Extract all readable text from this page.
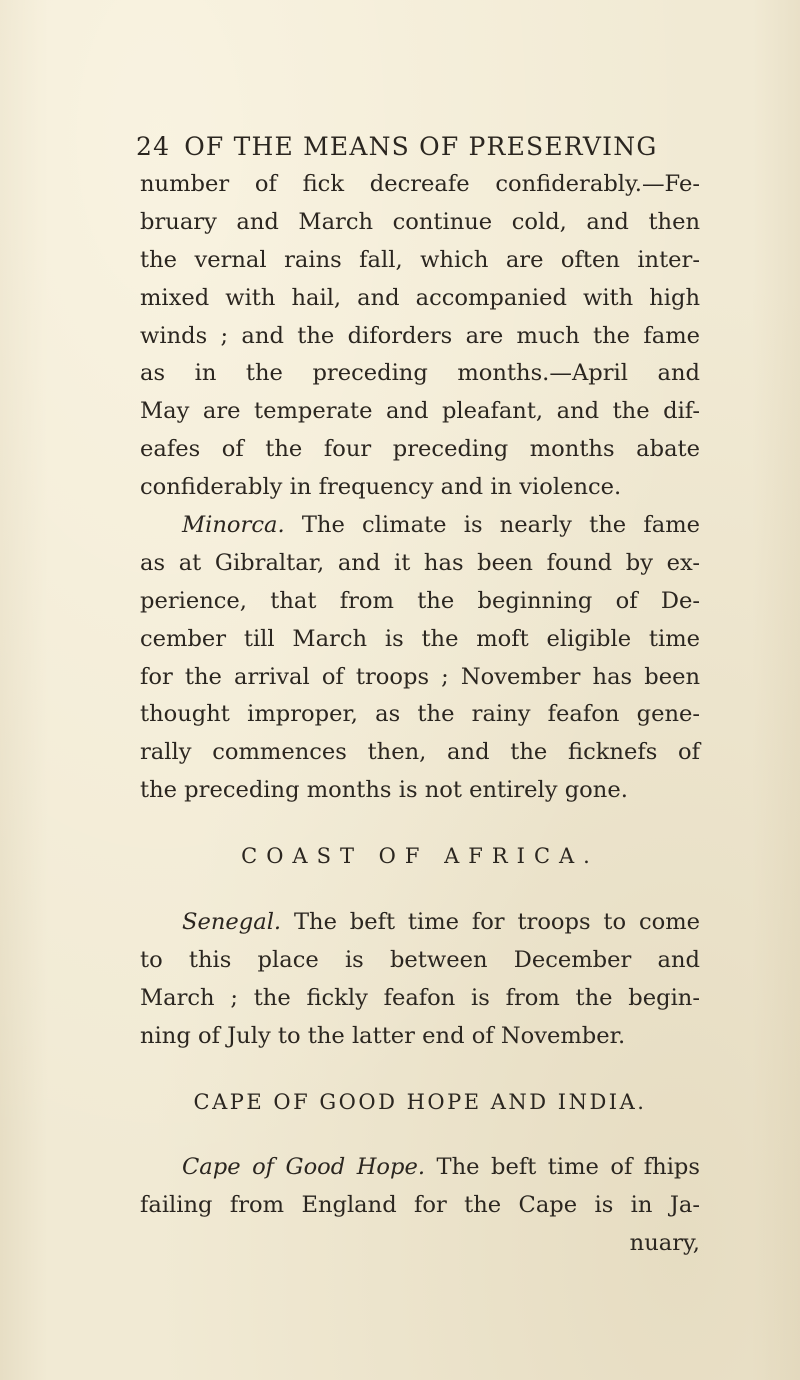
24 OF THE MEANS OF PRESERVING
number of fick decreafe confiderably.—Fe-
bruary and March continue cold, and then
the vernal rains fall, which are often inter-
mixed with hail, and accompanied with high
winds ; and the diforders are much the fame
as in the preceding months.—April and
May are temperate and pleafant, and the dif-
eafes of the four preceding months abate
confiderably in frequency and in violence.
Minorca. The climate is nearly the fame
as at Gibraltar, and it has been found by ex-
perience, that from the beginning of De-
cember till March is the moft eligible time
for the arrival of troops ; November has been
thought improper, as the rainy feafon gene-
rally commences then, and the ficknefs of
the preceding months is not entirely gone.
COAST OF AFRICA.
Senegal. The beft time for troops to come
to this place is between December and
March ; the fickly feafon is from the begin-
ning of July to the latter end of November.
CAPE OF GOOD HOPE AND INDIA.
Cape of Good Hope. The beft time of fhips
failing from England for the Cape is in Ja-
nuary,
